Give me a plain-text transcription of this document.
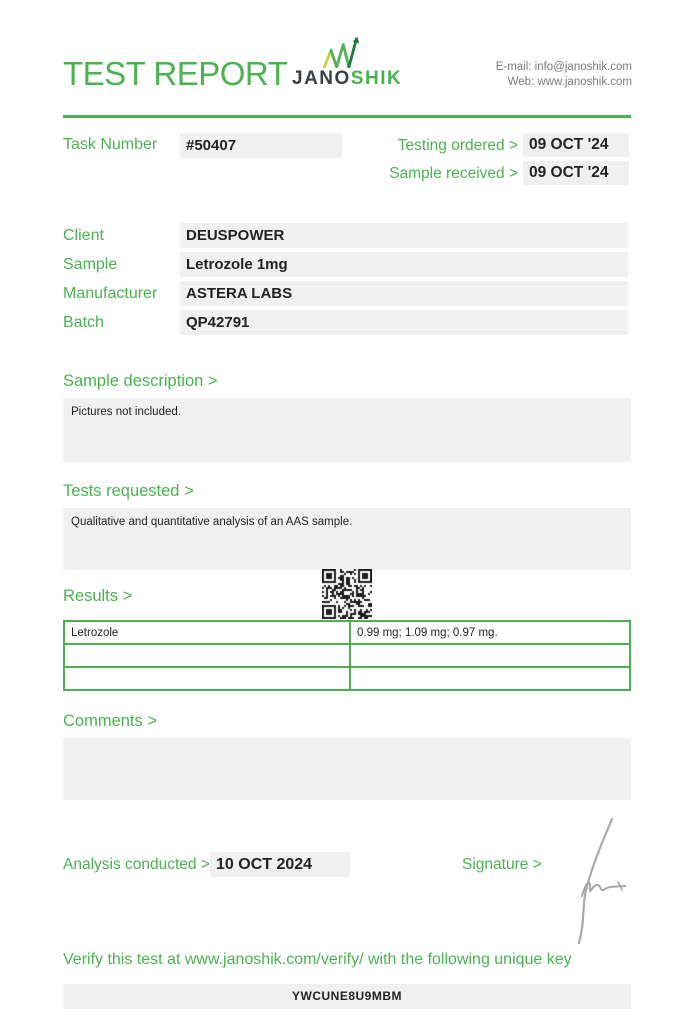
TEST REPORT JANOSHIK
E-mail: info@janoshik.com
Web: www.janoshik.com
Task Number	#50407	Testing ordered > 09 OCT '24
Sample received > 09 OCT '24
Client	DEUSPOWER
Sample	Letrozole 1mg
Manufacturer	ASTERA LABS
Batch	QP42791
Sample description >
Pictures not included.
Tests requested >
Qualitative and quantitative analysis of an AAS sample.
Results >
Letrozole	0.99 mg; 1.09 mg; 0.97 mg.

Comments >
Analysis conducted > 10 OCT 2024	Signature >
Verify this test at www.janoshik.com/verify/ with the following unique key
YWCUNE8U9MBM
